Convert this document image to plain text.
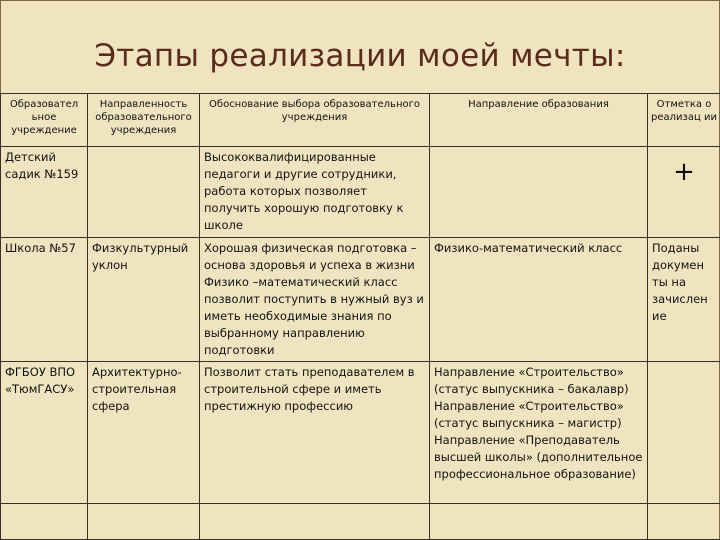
Этапы реализации моей мечты:
Образовател ьное учреждение	Направленность образовательного учреждения	Обоснование выбора образовательного учреждения	Направление образования	Отметка о реализац ии
Детский садик №159		Высококвалифицированные педагоги и другие сотрудники, работа которых позволяет получить хорошую подготовку к школе		+

Школа №57	Физкультурный уклон	Хорошая физическая подготовка – основа здоровья и успеха в жизни Физико –математический класс позволит поступить в нужный вуз и иметь необходимые знания по выбранному направлению подготовки	Физико-математический класс	Поданы докумен ты на зачислен ие
ФГБОУ ВПО «ТюмГАСУ»	Архитектурно- строительная сфера	Позволит стать преподавателем в строительной сфере и иметь престижную профессию	Направление «Строительство» (статус выпускника – бакалавр) Направление «Строительство» (статус выпускника – магистр) Направление «Преподаватель высшей школы» (дополнительное профессиональное образование)	
